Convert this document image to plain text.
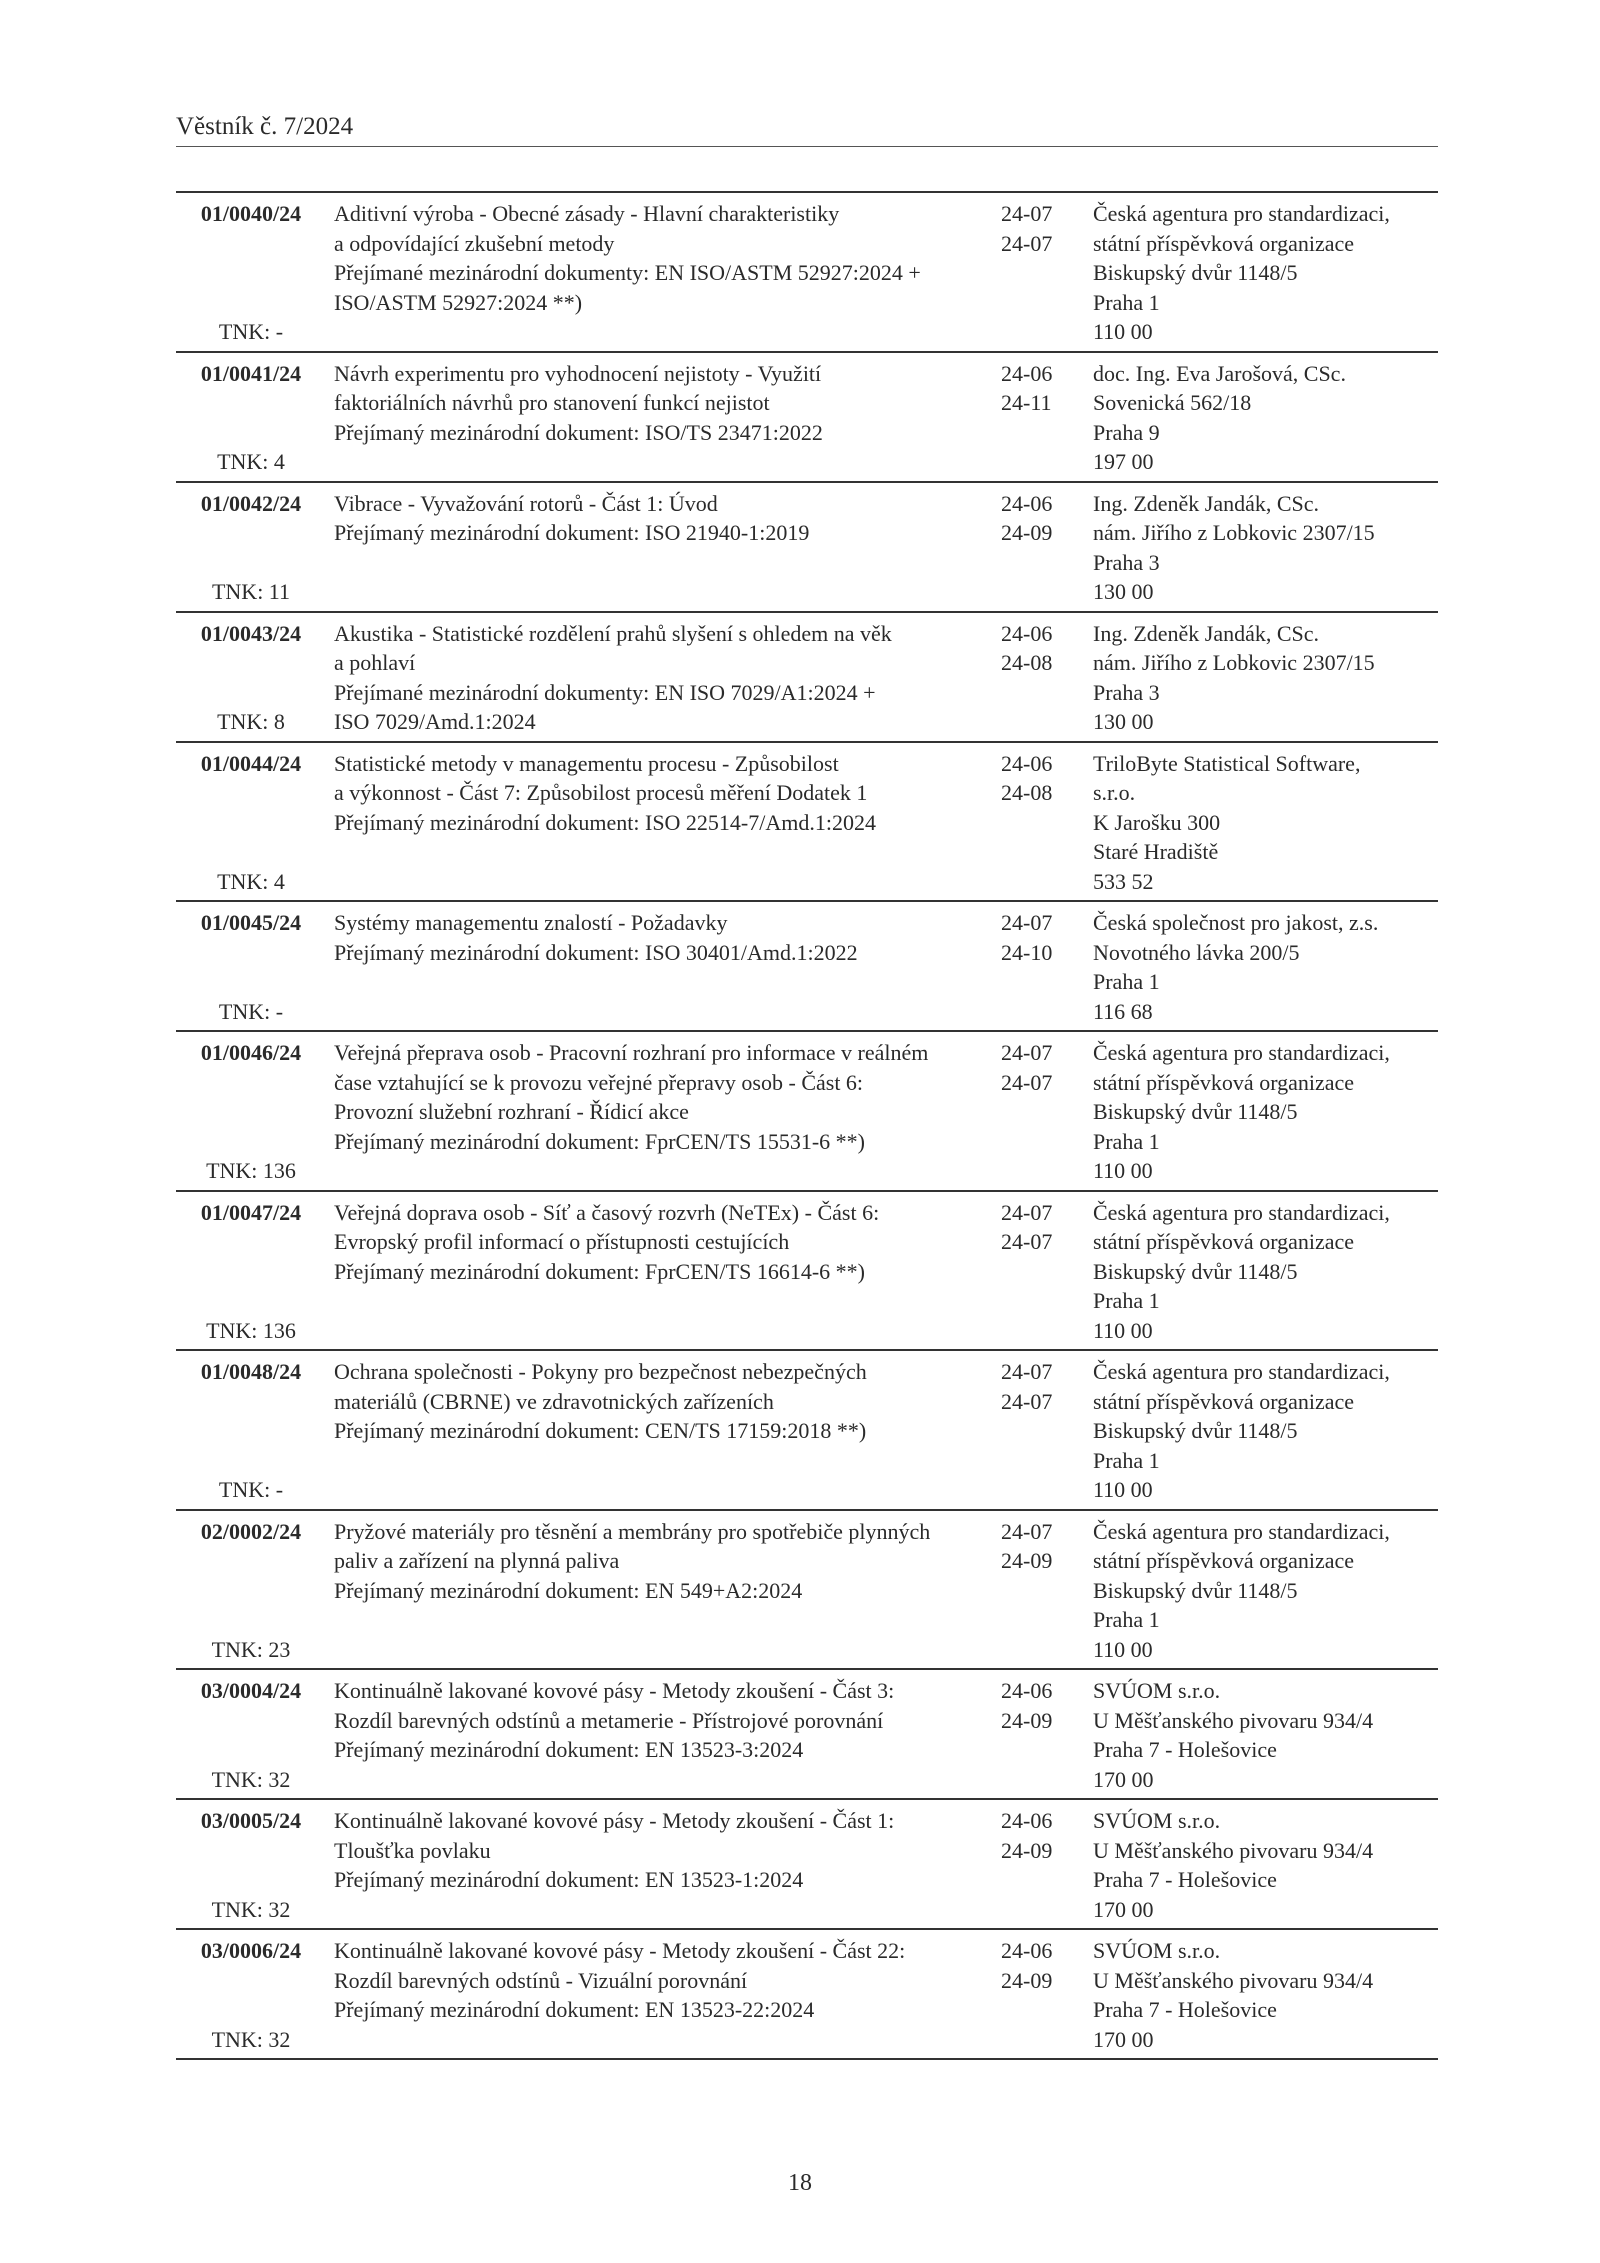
Věstník č. 7/2024
01/0040/24
TNK: -
Aditivní výroba - Obecné zásady - Hlavní charakteristiky
a odpovídající zkušební metody
Přejímané mezinárodní dokumenty: EN ISO/ASTM 52927:2024 +
ISO/ASTM 52927:2024 **)
24-07
24-07
Česká agentura pro standardizaci,
státní příspěvková organizace
Biskupský dvůr 1148/5
Praha 1
110 00
01/0041/24
TNK: 4
Návrh experimentu pro vyhodnocení nejistoty - Využití
faktoriálních návrhů pro stanovení funkcí nejistot
Přejímaný mezinárodní dokument: ISO/TS 23471:2022
24-06
24-11
doc. Ing. Eva Jarošová, CSc.
Sovenická 562/18
Praha 9
197 00
01/0042/24
TNK: 11
Vibrace - Vyvažování rotorů - Část 1: Úvod
Přejímaný mezinárodní dokument: ISO 21940-1:2019
24-06
24-09
Ing. Zdeněk Jandák, CSc.
nám. Jiřího z Lobkovic 2307/15
Praha 3
130 00
01/0043/24
TNK: 8
Akustika - Statistické rozdělení prahů slyšení s ohledem na věk
a pohlaví
Přejímané mezinárodní dokumenty: EN ISO 7029/A1:2024 +
ISO 7029/Amd.1:2024
24-06
24-08
Ing. Zdeněk Jandák, CSc.
nám. Jiřího z Lobkovic 2307/15
Praha 3
130 00
01/0044/24
TNK: 4
Statistické metody v managementu procesu - Způsobilost
a výkonnost - Část 7: Způsobilost procesů měření Dodatek 1
Přejímaný mezinárodní dokument: ISO 22514-7/Amd.1:2024
24-06
24-08
TriloByte Statistical Software,
s.r.o.
K Jarošku 300
Staré Hradiště
533 52
01/0045/24
TNK: -
Systémy managementu znalostí - Požadavky
Přejímaný mezinárodní dokument: ISO 30401/Amd.1:2022
24-07
24-10
Česká společnost pro jakost, z.s.
Novotného lávka 200/5
Praha 1
116 68
01/0046/24
TNK: 136
Veřejná přeprava osob - Pracovní rozhraní pro informace v reálném
čase vztahující se k provozu veřejné přepravy osob - Část 6:
Provozní služební rozhraní - Řídicí akce
Přejímaný mezinárodní dokument: FprCEN/TS 15531-6 **)
24-07
24-07
Česká agentura pro standardizaci,
státní příspěvková organizace
Biskupský dvůr 1148/5
Praha 1
110 00
01/0047/24
TNK: 136
Veřejná doprava osob - Síť a časový rozvrh (NeTEx) - Část 6:
Evropský profil informací o přístupnosti cestujících
Přejímaný mezinárodní dokument: FprCEN/TS 16614-6 **)
24-07
24-07
Česká agentura pro standardizaci,
státní příspěvková organizace
Biskupský dvůr 1148/5
Praha 1
110 00
01/0048/24
TNK: -
Ochrana společnosti - Pokyny pro bezpečnost nebezpečných
materiálů (CBRNE) ve zdravotnických zařízeních
Přejímaný mezinárodní dokument: CEN/TS 17159:2018 **)
24-07
24-07
Česká agentura pro standardizaci,
státní příspěvková organizace
Biskupský dvůr 1148/5
Praha 1
110 00
02/0002/24
TNK: 23
Pryžové materiály pro těsnění a membrány pro spotřebiče plynných
paliv a zařízení na plynná paliva
Přejímaný mezinárodní dokument: EN 549+A2:2024
24-07
24-09
Česká agentura pro standardizaci,
státní příspěvková organizace
Biskupský dvůr 1148/5
Praha 1
110 00
03/0004/24
TNK: 32
Kontinuálně lakované kovové pásy - Metody zkoušení - Část 3:
Rozdíl barevných odstínů a metamerie - Přístrojové porovnání
Přejímaný mezinárodní dokument: EN 13523-3:2024
24-06
24-09
SVÚOM s.r.o.
U Měšťanského pivovaru 934/4
Praha 7 - Holešovice
170 00
03/0005/24
TNK: 32
Kontinuálně lakované kovové pásy - Metody zkoušení - Část 1:
Tloušťka povlaku
Přejímaný mezinárodní dokument: EN 13523-1:2024
24-06
24-09
SVÚOM s.r.o.
U Měšťanského pivovaru 934/4
Praha 7 - Holešovice
170 00
03/0006/24
TNK: 32
Kontinuálně lakované kovové pásy - Metody zkoušení - Část 22:
Rozdíl barevných odstínů - Vizuální porovnání
Přejímaný mezinárodní dokument: EN 13523-22:2024
24-06
24-09
SVÚOM s.r.o.
U Měšťanského pivovaru 934/4
Praha 7 - Holešovice
170 00
18
